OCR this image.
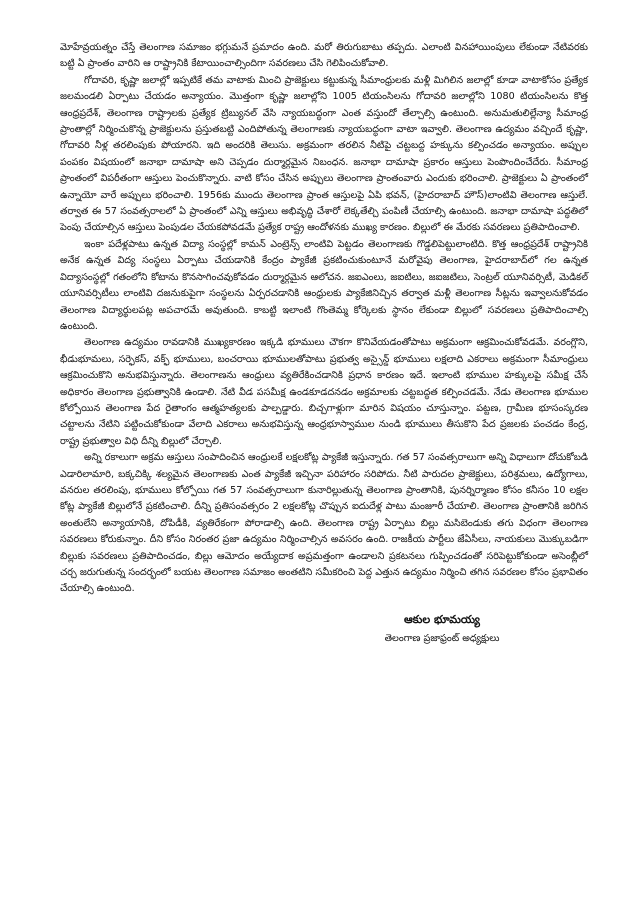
మోహేవ్రయత్నం చేస్తే తెలంగాణ సమాజం భగ్గుమనే ప్రమాదం ఉంది. మరో తిరుగుబాటు తప్పదు. ఎలాంటి వినహాయింపులు లేకుండా నేటివరకు బట్టి ఏ ప్రాంతం వారిని ఆ రాష్ట్రానికి కేటాయించాల్సిందిగా సవరణలు చేసి గెలిపించుకోవాలి.

గోదావరి, కృష్ణా జలాల్లో ఇప్పటికే తమ వాటాకు మించి ప్రాజెక్టులు కట్టుకున్న సీమాంధ్రులకు మళ్లీ మిగిలిన జలాల్లో కూడా వాటాకోసం ప్రత్యేక జలమండలి ఏర్పాటు చేయడం అన్యాయం. మొత్తంగా కృష్ణా జలాల్లోని 1005 టియంసిలను గోదావరి జలాల్లోని 1080 టియంసిలను కొత్త ఆంధ్రప్రదేశ్, తెలంగాణ రాష్ట్రాలకు ప్రత్యేక ట్రిబ్యునల్ వేసి న్యాయబద్ధంగా ఎంత వస్తుందో తేల్చాల్సి ఉంటుంది. అనుమతులిల్లేన్యా సీమాంధ్ర ప్రాంతాల్లో నిర్మించుకొన్న ప్రాజెక్టులను ప్రస్తుతబట్టి ఎందిపోతున్న తెలంగాణకు న్యాయబద్ధంగా వాటా ఇవ్వాలి. తెలంగాణ ఉద్యమం వచ్చిందే కృష్ణా, గోదావరి నీళ్ల తరలింపుకు పోయారని. ఇది అందరికి తెలుసు. అక్రమంగా తరలిన నీటిపై చట్టబద్ద హక్కును కల్పించడం అన్యాయం. అప్పుల పంపకం విషయంలో జనాభా దామాషా అని చెప్పడం దుర్మార్గమైన నిబంధన. జనాభా దామాషా ప్రకారం ఆస్తులు పెంపొందించేదేరు. సీమాంధ్ర ప్రాంతంలో విపరీతంగా ఆస్తులు పెంచుకొన్నారు. వాటి కోసం చేసిన అప్పులు తెలంగాణ ప్రాంతంవారు ఎందుకు భరించాలి. ప్రాజెక్టులు ఏ ప్రాంతంలో ఉన్నాయో వారే అప్పులు భరించాలి. 1956కు ముందు తెలంగాణ ప్రాంత ఆస్తులపై ఏపి భవన్, (హైదరాబాద్ హౌస్)లాంటివి తెలంగాణ ఆస్తులే. తర్వాత ఈ 57 సంవత్సరాలలో ఏ ప్రాంతంలో ఎన్ని ఆస్తులు అభివృద్ధి చేశారో లెక్కతేల్చి పంపిణీ చేయాల్సి ఉంటుంది. జనాభా దామాషా పద్ధతిలో పెంపు చేయాల్సిన ఆస్తులు పెంపుడల చేయకపోవడమే ప్రత్యేక రాష్ట్ర ఆందోళనకు ముఖ్య కారణం. బిల్లులో ఈ మేరకు సవరణలు ప్రతిపాదించాలి.

ఇంకా పదేళ్లపాటు ఉన్నత విద్యా సంస్థల్లో కామన్ ఎంట్రెన్స్ లాంటివి పెట్టడం తెలంగాణకు గొడ్డలిపెట్టులాంటిది. కొత్త ఆంధ్రప్రదేశ్ రాష్ట్రానికి అనేక ఉన్నత విద్య సంస్థలు ఏర్పాటు చేయడానికి కేంద్రం ప్యాకేజీ ప్రకటించుకుంటూనే మరోవైపు తెలంగాణ, హైదరాబాద్‌లో గల ఉన్నత విద్యాసంస్థల్లో గతంలోని కోటాను కొనసాగించవుకోవడం దుర్మార్గమైన ఆలోచన. జఐఎంలు, జఐటిలు, జఐజటిలు, సెంట్రల్ యూనివర్సిటీ, మెడికల్ యూనివర్సిటీలు లాంటివి దజనుకుపైగా సంస్థలను ఏర్పరచడానికి ఆంధ్రులకు ప్యాకేజినిచ్చిన తర్వాత మళ్లీ తెలంగాణ సీట్లను ఇవ్వాలనుకోవడం తెలంగాణ విద్యార్థులపట్ల అపచారమే అవుతుంది. కాబట్టి ఇలాంటి గొంతెమ్మ కోర్కెలకు స్థానం లేకుండా బిల్లులో సవరణలు ప్రతిపాదించాల్సి ఉంటుంది.

తెలంగాణ ఉద్యమం రావడానికి ముఖ్యకారణం ఇక్కడి భూములు చౌకగా కొనివేయడంతోపాటు అక్రమంగా ఆక్రమించుకోవడమే. వరంగ్లొని, భీడుభూమలు, సర్ఫెకస్, వక్ఫ్ భూములు, బంచరాయి భూములతోపాటు ప్రభుత్వ అస్సైన్డ్ భూములు లక్షలాది ఎకరాలు అక్రమంగా సీమాంధ్రులు ఆక్రమించుకొని అనుభవిస్తున్నారు. తెలంగాణను ఆంధ్రులు వ్యతిరేకించడానికి ప్రధాన కారణం ఇదే. ఇలాంటి భూముల హక్కులపై సమీక్ష చేసే అధికారం తెలంగాణ ప్రభుత్వానికి ఉండాలి. నేటి వీడ పసమీక్ష ఉండకూడదనడం అక్రమాలకు చట్టబద్ధత కల్పించడమే. నేడు తెలంగాణ భూముల కోల్పోయిన తెలంగాణ పేద రైతాంగం ఆత్మహత్యలకు పాల్పడ్డారు. బిచ్చగాళ్లుగా మారిన విషయం చూస్తున్నాం. పట్టణ, గ్రామీణ భూసంస్కరణ చట్టాలను నేటిని పట్టించుకోకుండా వేలాది ఎకరాలు అనుభవిస్తున్న ఆంధ్రభూస్వాముల నుండి భూములు తీసుకొని పేద ప్రజలకు పంచడం కేంద్ర, రాష్ట్ర ప్రభుత్వాల విధి దీన్ని బిల్లులో చేర్చాలి.

అన్ని రకాలుగా అక్రమ ఆస్తులు సంపాదించిన ఆంధ్రులకే లక్షలకోట్ల ప్యాకేజీ ఇస్తున్నారు. గత 57 సంవత్సరాలుగా అన్ని విధాలుగా దోచుకోబడి ఎడారిలామారి, బక్కచిక్కి శల్యమైన తెలంగాణకు ఎంత ప్యాకేజీ ఇచ్చినా పరిహారం సరిపోదు. నీటి పారుదల ప్రాజెక్టులు, పరిశ్రమలు, ఉద్యోగాలు, వనరుల తరలింపు, భూములు కోల్పోయి గత 57 సంవత్సరాలుగా కునారిల్లుతున్న తెలంగాణ ప్రాంతానికి, పునర్నిర్మాణం కోసం కనీసం 10 లక్షల కోట్ల ప్యాకేజీ బిల్లులోనే ప్రకటించాలి. దీన్ని ప్రతిసంవత్సరం 2 లక్షలకోట్ల చొప్పున ఐదుదేళ్ల పాటు మంజూరీ చేయాలి. తెలంగాణ ప్రాంతానికి జరిగిన అంతులేని అన్యాయానికి, దోపిడీకి, వ్యతిరేకంగా పోరాడాల్సి ఉంది. తెలంగాణ రాష్ట్ర ఏర్పాటు బిల్లు మసిబెండుకు తగు విధంగా తెలంగాణ సవరణలు కోరుకున్నాం. దీని కోసం నిరంతర ప్రజా ఉద్యమం నిర్మించాల్సిన అవసరం ఉంది. రాజకీయ పార్టీలు జేఏసీలు, నాయకులు మొక్కుబడిగా బిల్లుకు సవరణలు ప్రతిపాదించడం, బిల్లు ఆమోదం అయ్యేదాక అప్రమత్తంగా ఉండాలని ప్రకటనలు గుప్పించడంతో సరిపెట్టుకోకుండా అసెంబ్లీలో చర్చ జరుగుతున్న సందర్భంలో బయట తెలంగాణ సమాజం అంతటిని సమీకరించి పెద్ద ఎత్తున ఉద్యమం నిర్మించి తగిన సవరణల కోసం ప్రభావితం చేయాల్సి ఉంటుంది.

ఆకుల భూమయ్య
తెలంగాణ ప్రజాఫ్రంట్ అధ్యక్షులు
